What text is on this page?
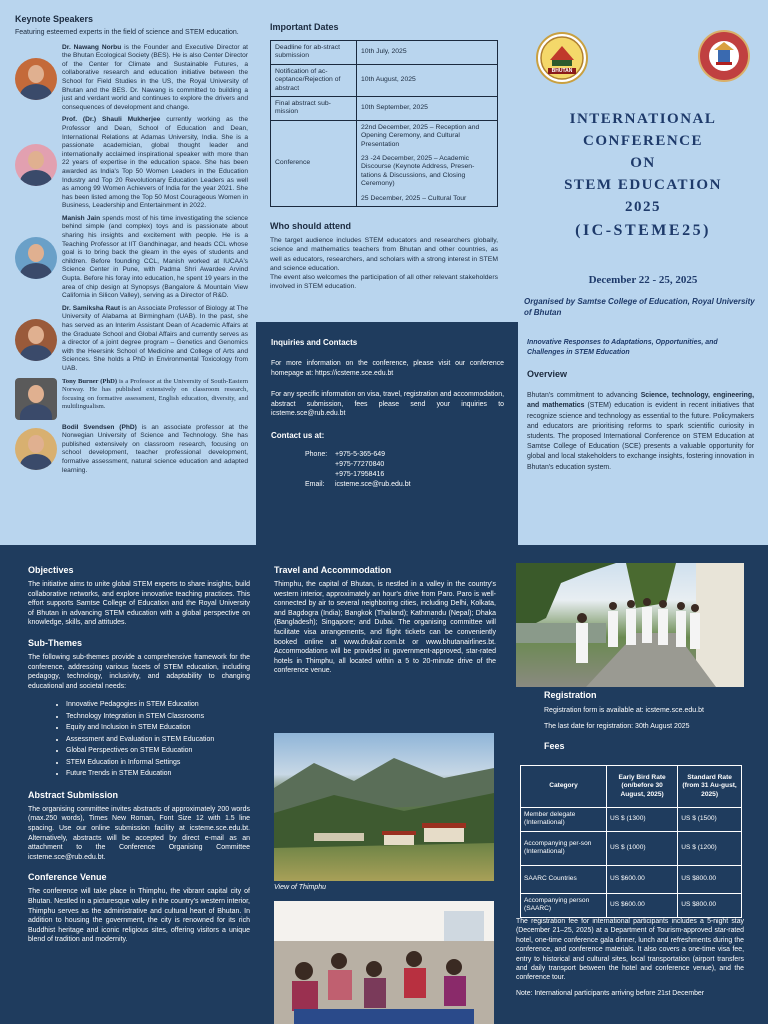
Keynote Speakers
Featuring esteemed experts in the field of science and STEM education.
Dr. Nawang Norbu is the Founder and Executive Director at the Bhutan Ecological Society (BES). He is also Center Director of the Center for Climate and Sustainable Futures, a collaborative research and education initiative between the School for Field Studies in the US, the Royal University of Bhutan and the BES. Dr. Nawang is committed to building a just and verdant world and continues to explore the drivers and consequences of development and change.
Prof. (Dr.) Shauli Mukherjee currently working as the Professor and Dean, School of Education and Dean, International Relations at Adamas University, India. She is a passionate academician, global thought leader and internationally acclaimed inspirational speaker with more than 22 years of expertise in the education space. She has been awarded as India's Top 50 Women Leaders in the Education Industry and Top 20 Revolutionary Education Leaders as well as among 99 Women Achievers of India for the year 2021. She has been listed among the Top 50 Most Courageous Women in Business, Leadership and Entertainment in 2022.
Manish Jain spends most of his time investigating the science behind simple (and complex) toys and is passionate about sharing his insights and excitement with people. He is a Teaching Professor at IIT Gandhinagar, and heads CCL whose goal is to bring back the gleam in the eyes of students and children. Before founding CCL, Manish worked at IUCAA's Science Center in Pune, with Padma Shri Awardee Arvind Gupta. Before his foray into education, he spent 19 years in the area of chip design at Synopsys (Bangalore & Mountain View California in Silicon Valley), serving as a Director of R&D.
Dr. Samiksha Raut is an Associate Professor of Biology at The University of Alabama at Birmingham (UAB). In the past, she has served as an Interim Assistant Dean of Academic Affairs at the Graduate School and Global Affairs and currently serves as a director of a joint degree program – Genetics and Genomics with the Heersink School of Medicine and College of Arts and Sciences. She holds a PhD in Environmental Toxicology from UAB.
Tony Burner (PhD) is a Professor at the University of South-Eastern Norway. He has published extensively on classroom research, focusing on formative assessment, English education, diversity, and multilingualism.
Bodil Svendsen (PhD) is an associate professor at the Norwegian University of Science and Technology. She has published extensively on classroom research, focusing on school development, teacher professional development, formative assessment, natural science education and adapted learning.
Important Dates
Deadline for ab-stract submission	10th July, 2025
Notification of ac-ceptance/Rejection of abstract	10th August, 2025
Final abstract sub-mission	10th September, 2025
Conference	22nd December, 2025 – Reception and Opening Ceremony, and Cultural Presentation
23 -24 December, 2025 – Academic Discourse (Keynote Address, Presen-tations & Discussions, and Closing Ceremony)
25 December, 2025 – Cultural Tour
Who should attend
The target audience includes STEM educators and researchers globally, science and mathematics teachers from Bhutan and other countries, as well as educators, researchers, and scholars with a strong interest in STEM and science education.
The event also welcomes the participation of all other relevant stakeholders involved in STEM education.
Inquiries and Contacts
For more information on the conference, please visit our conference homepage at: https://icsteme.sce.edu.bt
For any specific information on visa, travel, registration and accommodation, abstract submission, fees please send your inquiries to icsteme.sce@rub.edu.bt
Contact us at:
Phone: +975-5-365-649
+975-77270840
+975-17958416
Email: icsteme.sce@rub.edu.bt
BHUTAN
INTERNATIONAL
CONFERENCE
ON
STEM EDUCATION
2025
(IC-STEME25)
December 22 - 25, 2025
Organised by Samtse College of Education, Royal University of Bhutan
Innovative Responses to Adaptations, Opportunities, and Challenges in STEM Education
Overview
Bhutan's commitment to advancing Science, technology, engineering, and mathematics (STEM) education is evident in recent initiatives that recognize science and technology as essential to the future. Policymakers and educators are prioritising reforms to spark scientific curiosity in students. The proposed International Conference on STEM Education at Samtse College of Education (SCE) presents a valuable opportunity for global and local stakeholders to exchange insights, fostering innovation in Bhutan's education system.
Objectives
The initiative aims to unite global STEM experts to share insights, build collaborative networks, and explore innovative teaching practices. This effort supports Samtse College of Education and the Royal University of Bhutan in advancing STEM education with a global perspective on knowledge, skills, and attitudes.
Sub-Themes
The following sub-themes provide a comprehensive framework for the conference, addressing various facets of STEM education, including pedagogy, technology, inclusivity, and adaptability to changing educational and societal needs:
• Innovative Pedagogies in STEM Education
• Technology Integration in STEM Classrooms
• Equity and Inclusion in STEM Education
• Assessment and Evaluation in STEM Education
• Global Perspectives on STEM Education
• STEM Education in Informal Settings
• Future Trends in STEM Education
Abstract Submission
The organising committee invites abstracts of approximately 200 words (max.250 words), Times New Roman, Font Size 12 with 1.5 line spacing. Use our online submission facility at icsteme.sce.edu.bt. Alternatively, abstracts will be accepted by direct e-mail as an attachment to the Conference Organising Committee icsteme.sce@rub.edu.bt.
Conference Venue
The conference will take place in Thimphu, the vibrant capital city of Bhutan. Nestled in a picturesque valley in the country's western interior, Thimphu serves as the administrative and cultural heart of Bhutan. In addition to housing the government, the city is renowned for its rich Buddhist heritage and iconic religious sites, offering visitors a unique blend of tradition and modernity.
Travel and Accommodation
Thimphu, the capital of Bhutan, is nestled in a valley in the country's western interior, approximately an hour's drive from Paro. Paro is well-connected by air to several neighboring cities, including Delhi, Kolkata, and Bagdogra (India); Bangkok (Thailand); Kathmandu (Nepal); Dhaka (Bangladesh); Singapore; and Dubai. The organising committee will facilitate visa arrangements, and flight tickets can be conveniently booked online at www.drukair.com.bt or www.bhutanairlines.bt. Accommodations will be provided in government-approved, star-rated hotels in Thimphu, all located within a 5 to 20-minute drive of the conference venue.
View of Thimphu
Registration
Registration form is available at: icsteme.sce.edu.bt
The last date for registration: 30th August 2025
Fees
Category	Early Bird Rate (on/before 30 August, 2025)	Standard Rate (from 31 Au-gust, 2025)
Member delegate (International)	US $ (1300)	US $ (1500)
Accompanying per-son (International)	US $ (1000)	US $ (1200)
SAARC Countries	US $600.00	US $800.00
Accompanying person (SAARC)	US $600.00	US $800.00
The registration fee for international participants includes a 5-night stay (December 21–25, 2025) at a Department of Tourism-approved star-rated hotel, one-time conference gala dinner, lunch and refreshments during the conference, and conference materials. It also covers a one-time visa fee, entry to historical and cultural sites, local transportation (airport transfers and daily transport between the hotel and conference venue), and the conference tour.
Note: International participants arriving before 21st December
